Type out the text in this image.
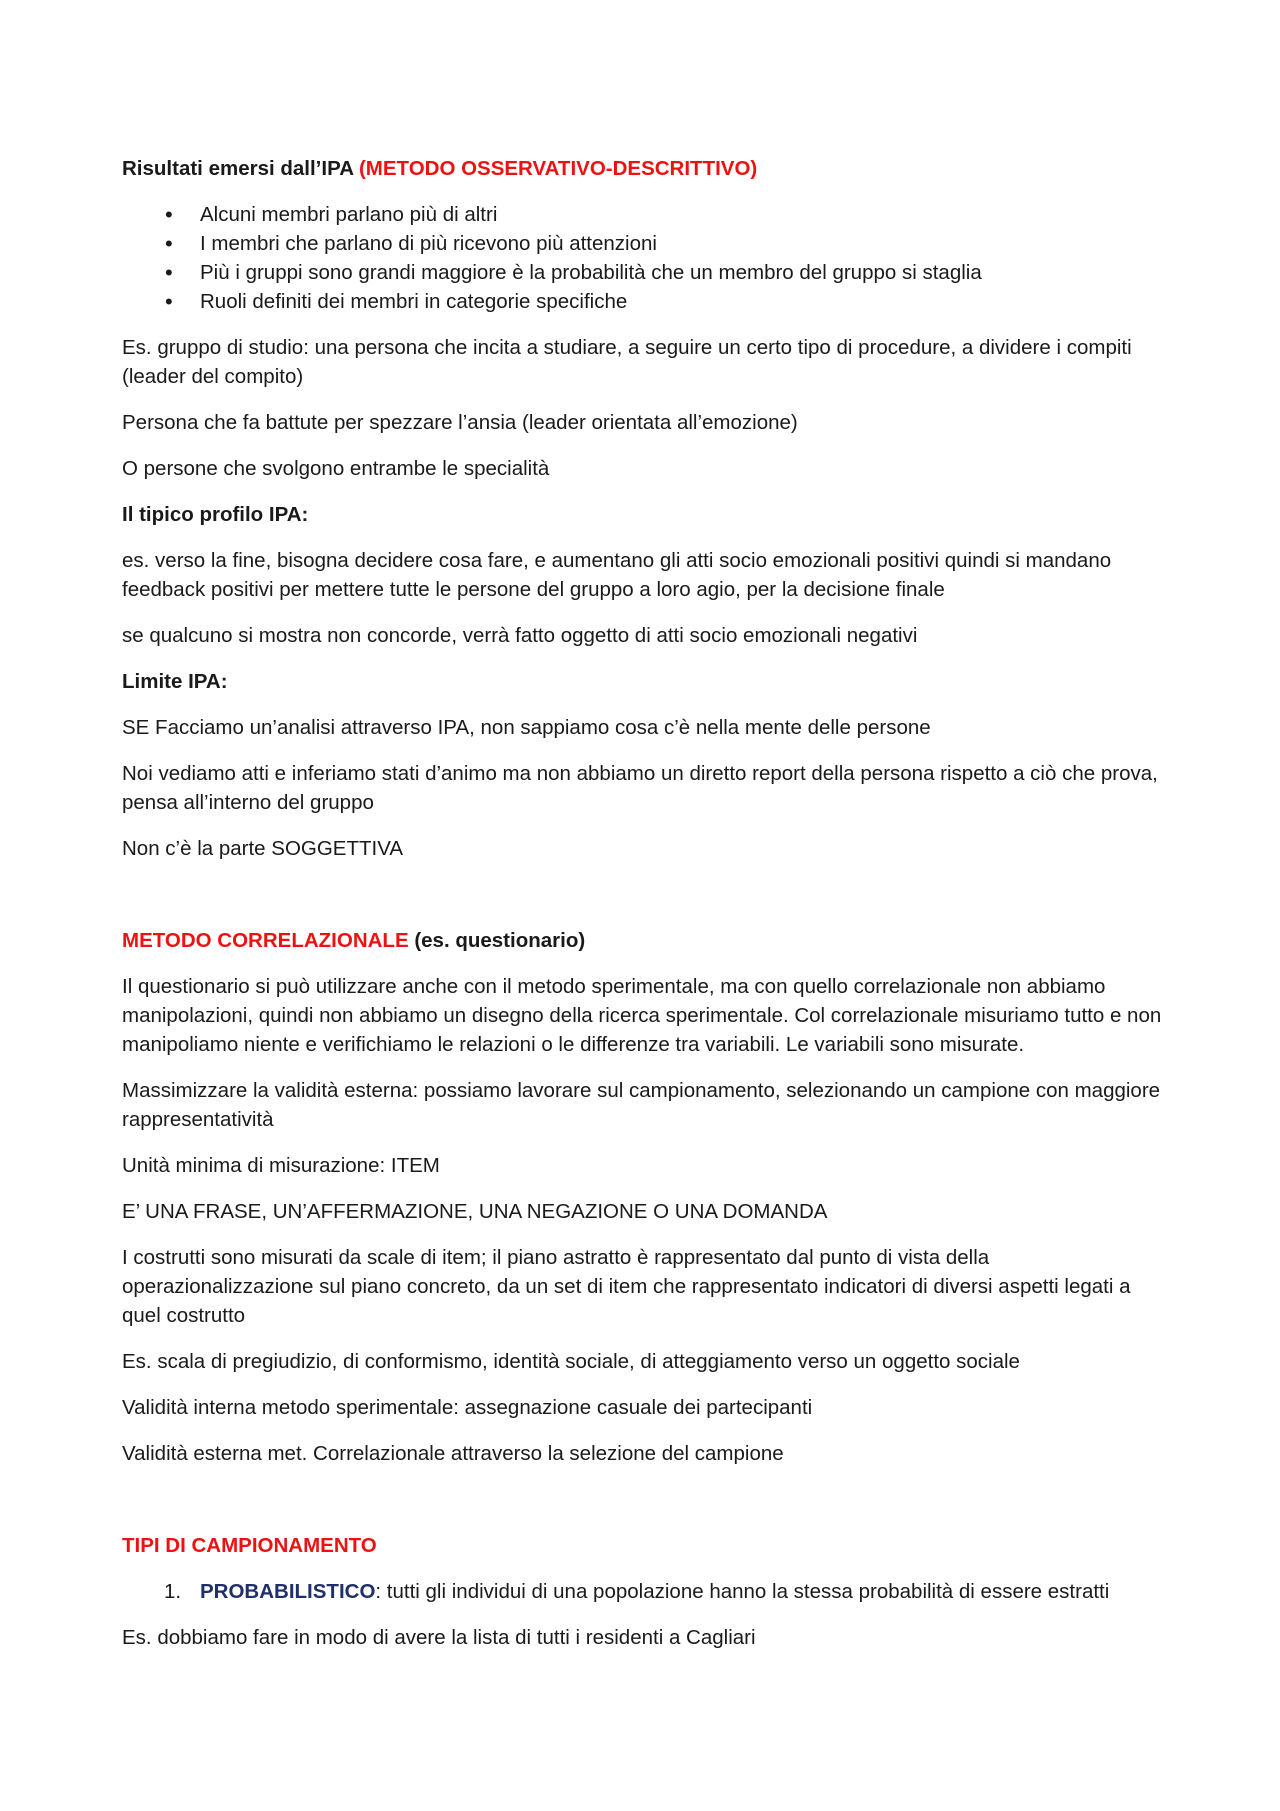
Risultati emersi dall’IPA (METODO OSSERVATIVO-DESCRITTIVO)

• Alcuni membri parlano più di altri
• I membri che parlano di più ricevono più attenzioni
• Più i gruppi sono grandi maggiore è la probabilità che un membro del gruppo si staglia
• Ruoli definiti dei membri in categorie specifiche

Es. gruppo di studio: una persona che incita a studiare, a seguire un certo tipo di procedure, a dividere i compiti (leader del compito)

Persona che fa battute per spezzare l’ansia (leader orientata all’emozione)

O persone che svolgono entrambe le specialità

Il tipico profilo IPA:

es. verso la fine, bisogna decidere cosa fare, e aumentano gli atti socio emozionali positivi quindi si mandano feedback positivi per mettere tutte le persone del gruppo a loro agio, per la decisione finale

se qualcuno si mostra non concorde, verrà fatto oggetto di atti socio emozionali negativi

Limite IPA:

SE Facciamo un’analisi attraverso IPA, non sappiamo cosa c’è nella mente delle persone

Noi vediamo atti e inferiamo stati d’animo ma non abbiamo un diretto report della persona rispetto a ciò che prova, pensa all’interno del gruppo

Non c’è la parte SOGGETTIVA

METODO CORRELAZIONALE (es. questionario)

Il questionario si può utilizzare anche con il metodo sperimentale, ma con quello correlazionale non abbiamo manipolazioni, quindi non abbiamo un disegno della ricerca sperimentale. Col correlazionale misuriamo tutto e non manipoliamo niente e verifichiamo le relazioni o le differenze tra variabili. Le variabili sono misurate.

Massimizzare la validità esterna: possiamo lavorare sul campionamento, selezionando un campione con maggiore rappresentatività

Unità minima di misurazione: ITEM

E’ UNA FRASE, UN’AFFERMAZIONE, UNA NEGAZIONE O UNA DOMANDA

I costrutti sono misurati da scale di item; il piano astratto è rappresentato dal punto di vista della operazionalizzazione sul piano concreto, da un set di item che rappresentato indicatori di diversi aspetti legati a quel costrutto

Es. scala di pregiudizio, di conformismo, identità sociale, di atteggiamento verso un oggetto sociale

Validità interna metodo sperimentale: assegnazione casuale dei partecipanti

Validità esterna met. Correlazionale attraverso la selezione del campione

TIPI DI CAMPIONAMENTO

1. PROBABILISTICO: tutti gli individui di una popolazione hanno la stessa probabilità di essere estratti

Es. dobbiamo fare in modo di avere la lista di tutti i residenti a Cagliari
